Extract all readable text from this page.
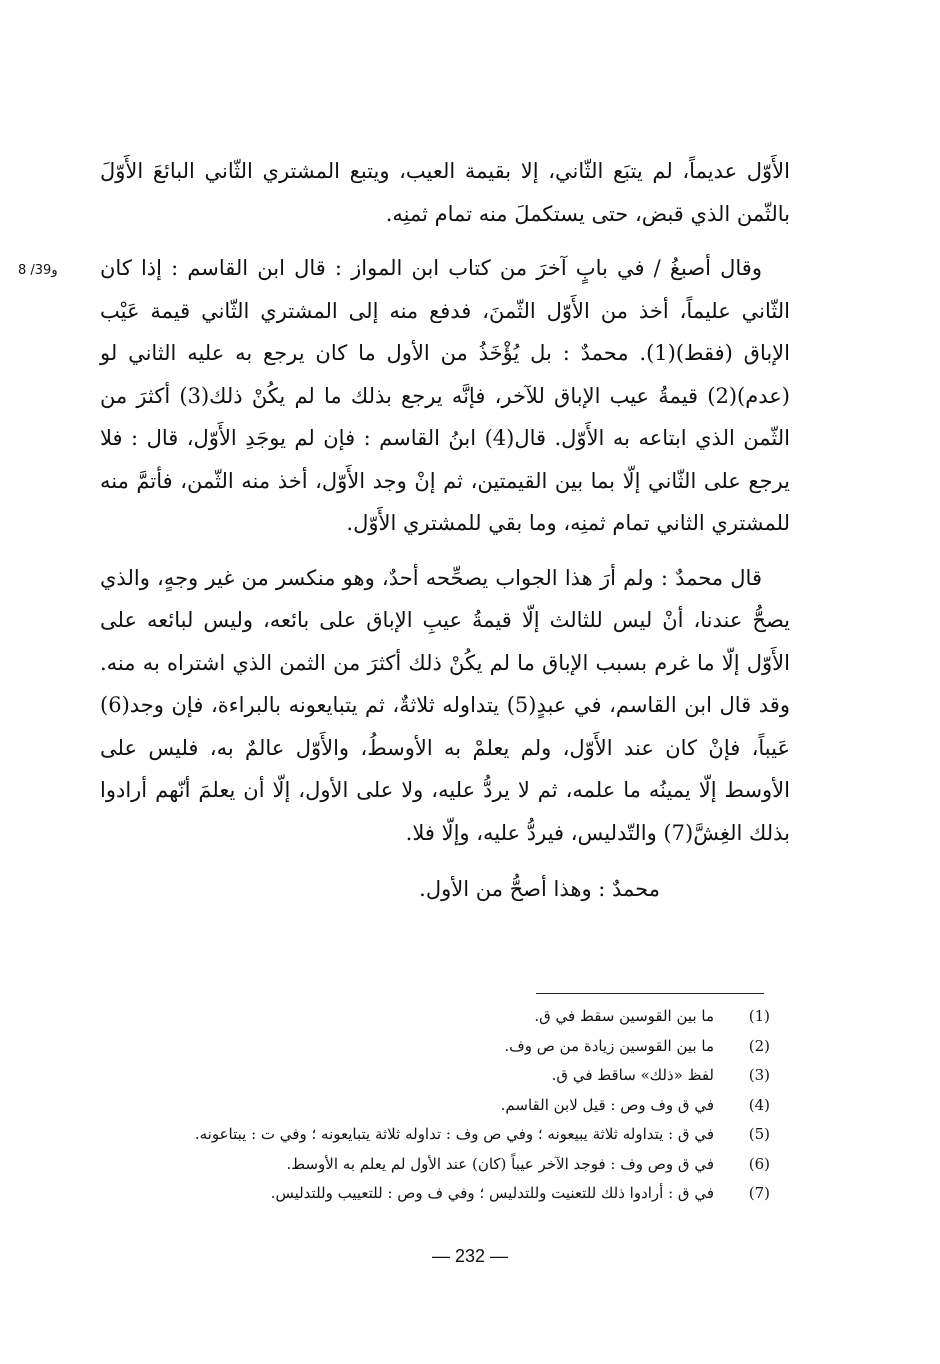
8 /39و

الأَوّل عديماً، لم يتبَع الثّاني، إلا بقيمة العيب، ويتبع المشتري الثّاني البائعَ الأَوّلَ بالثّمن الذي قبض، حتى يستكملَ منه تمام ثمنِه.

وقال أصبغُ / في بابٍ آخرَ من كتاب ابن المواز : قال ابن القاسم : إذا كان الثّاني عليماً، أخذ من الأَوّل الثّمنَ، فدفع منه إلى المشتري الثّاني قيمة عَيْب الإباق (فقط)(1). محمدٌ : بل يُؤْخَذُ من الأول ما كان يرجع به عليه الثاني لو (عدم)(2) قيمةُ عيب الإباق للآخر، فإنَّه يرجع بذلك ما لم يكُنْ ذلك(3) أكثرَ من الثّمن الذي ابتاعه به الأَوّل. قال(4) ابنُ القاسم : فإن لم يوجَدِ الأَوّل، قال : فلا يرجع على الثّاني إلّا بما بين القيمتين، ثم إنْ وجد الأَوّل، أخذ منه الثّمن، فأتمَّ منه للمشتري الثاني تمام ثمنِه، وما بقي للمشتري الأَوّل.

قال محمدٌ : ولم أرَ هذا الجواب يصحِّحه أحدٌ، وهو منكسر من غير وجهٍ، والذي يصحُّ عندنا، أنْ ليس للثالث إلّا قيمةُ عيبِ الإباق على بائعه، وليس لبائعه على الأَوّل إلّا ما غرم بسبب الإباق ما لم يكُنْ ذلك أكثرَ من الثمن الذي اشتراه به منه. وقد قال ابن القاسم، في عبدٍ(5) يتداوله ثلاثةٌ، ثم يتبايعونه بالبراءة، فإن وجد(6) عَيباً، فإنْ كان عند الأَوّل، ولم يعلمْ به الأوسطُ، والأَوّل عالمٌ به، فليس على الأوسط إلّا يمينُه ما علمه، ثم لا يردُّ عليه، ولا على الأول، إلّا أن يعلمَ أنّهم أرادوا بذلك الغِشَّ(7) والتّدليس، فيردُّ عليه، وإلّا فلا.

محمدٌ : وهذا أصحُّ من الأول.

(1)
ما بين القوسين سقط في ق.
(2)
ما بين القوسين زيادة من ص وف.
(3)
لفظ «ذلك» ساقط في ق.
(4)
في ق وف وص : قيل لابن القاسم.
(5)
في ق : يتداوله ثلاثة يبيعونه ؛ وفي ص وف : تداوله ثلاثة يتبايعونه ؛ وفي ت : يبتاعونه.
(6)
في ق وص وف : فوجد الآخر عيباً (كان) عند الأول لم يعلم به الأوسط.
(7)
في ق : أرادوا ذلك للتعنيت وللتدليس ؛ وفي ف وص : للتعييب وللتدليس.
— 232 —
